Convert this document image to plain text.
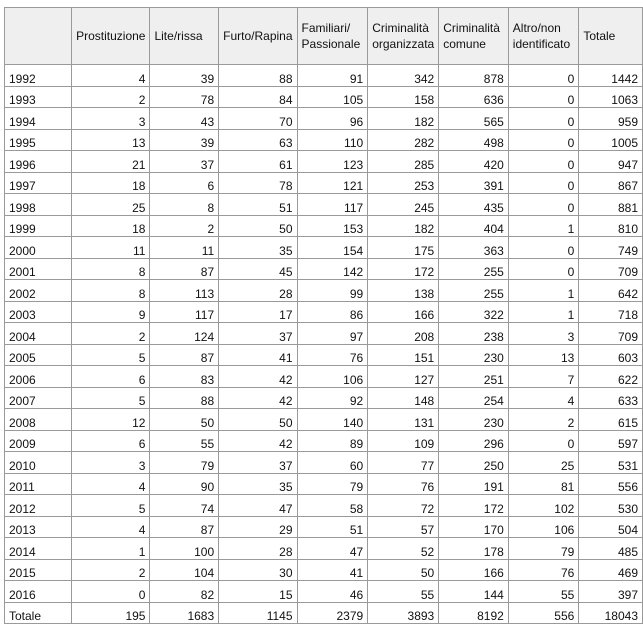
	Prostituzione	Lite/rissa	Furto/Rapina	Familiari/ Passionale	Criminalità organizzata	Criminalità comune	Altro/non identificato	Totale
1992	4	39	88	91	342	878	0	1442
1993	2	78	84	105	158	636	0	1063
1994	3	43	70	96	182	565	0	959
1995	13	39	63	110	282	498	0	1005
1996	21	37	61	123	285	420	0	947
1997	18	6	78	121	253	391	0	867
1998	25	8	51	117	245	435	0	881
1999	18	2	50	153	182	404	1	810
2000	11	11	35	154	175	363	0	749
2001	8	87	45	142	172	255	0	709
2002	8	113	28	99	138	255	1	642
2003	9	117	17	86	166	322	1	718
2004	2	124	37	97	208	238	3	709
2005	5	87	41	76	151	230	13	603
2006	6	83	42	106	127	251	7	622
2007	5	88	42	92	148	254	4	633
2008	12	50	50	140	131	230	2	615
2009	6	55	42	89	109	296	0	597
2010	3	79	37	60	77	250	25	531
2011	4	90	35	79	76	191	81	556
2012	5	74	47	58	72	172	102	530
2013	4	87	29	51	57	170	106	504
2014	1	100	28	47	52	178	79	485
2015	2	104	30	41	50	166	76	469
2016	0	82	15	46	55	144	55	397
Totale	195	1683	1145	2379	3893	8192	556	18043
